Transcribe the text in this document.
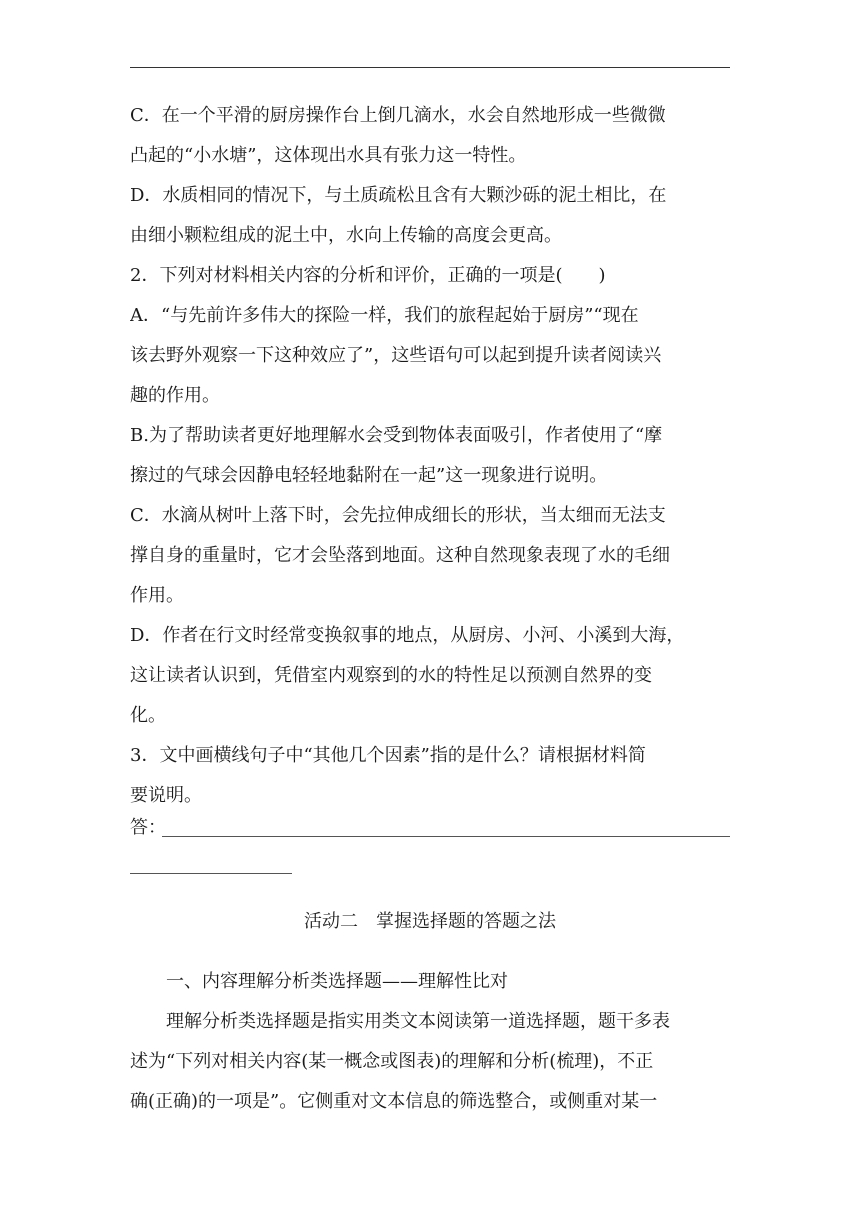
C．在一个平滑的厨房操作台上倒几滴水，水会自然地形成一些微微
凸起的“小水塘”，这体现出水具有张力这一特性。
D．水质相同的情况下，与土质疏松且含有大颗沙砾的泥土相比，在
由细小颗粒组成的泥土中，水向上传输的高度会更高。
2．下列对材料相关内容的分析和评价，正确的一项是(　　)
A．“与先前许多伟大的探险一样，我们的旅程起始于厨房”“现在
该去野外观察一下这种效应了”，这些语句可以起到提升读者阅读兴
趣的作用。
B.为了帮助读者更好地理解水会受到物体表面吸引，作者使用了“摩
擦过的气球会因静电轻轻地黏附在一起”这一现象进行说明。
C．水滴从树叶上落下时，会先拉伸成细长的形状，当太细而无法支
撑自身的重量时，它才会坠落到地面。这种自然现象表现了水的毛细
作用。
D．作者在行文时经常变换叙事的地点，从厨房、小河、小溪到大海，
这让读者认识到，凭借室内观察到的水的特性足以预测自然界的变
化。
3．文中画横线句子中“其他几个因素”指的是什么？请根据材料简
要说明。
答：
活动二　掌握选择题的答题之法
一、内容理解分析类选择题——理解性比对
理解分析类选择题是指实用类文本阅读第一道选择题，题干多表
述为“下列对相关内容(某一概念或图表)的理解和分析(梳理)，不正
确(正确)的一项是”。它侧重对文本信息的筛选整合，或侧重对某一
